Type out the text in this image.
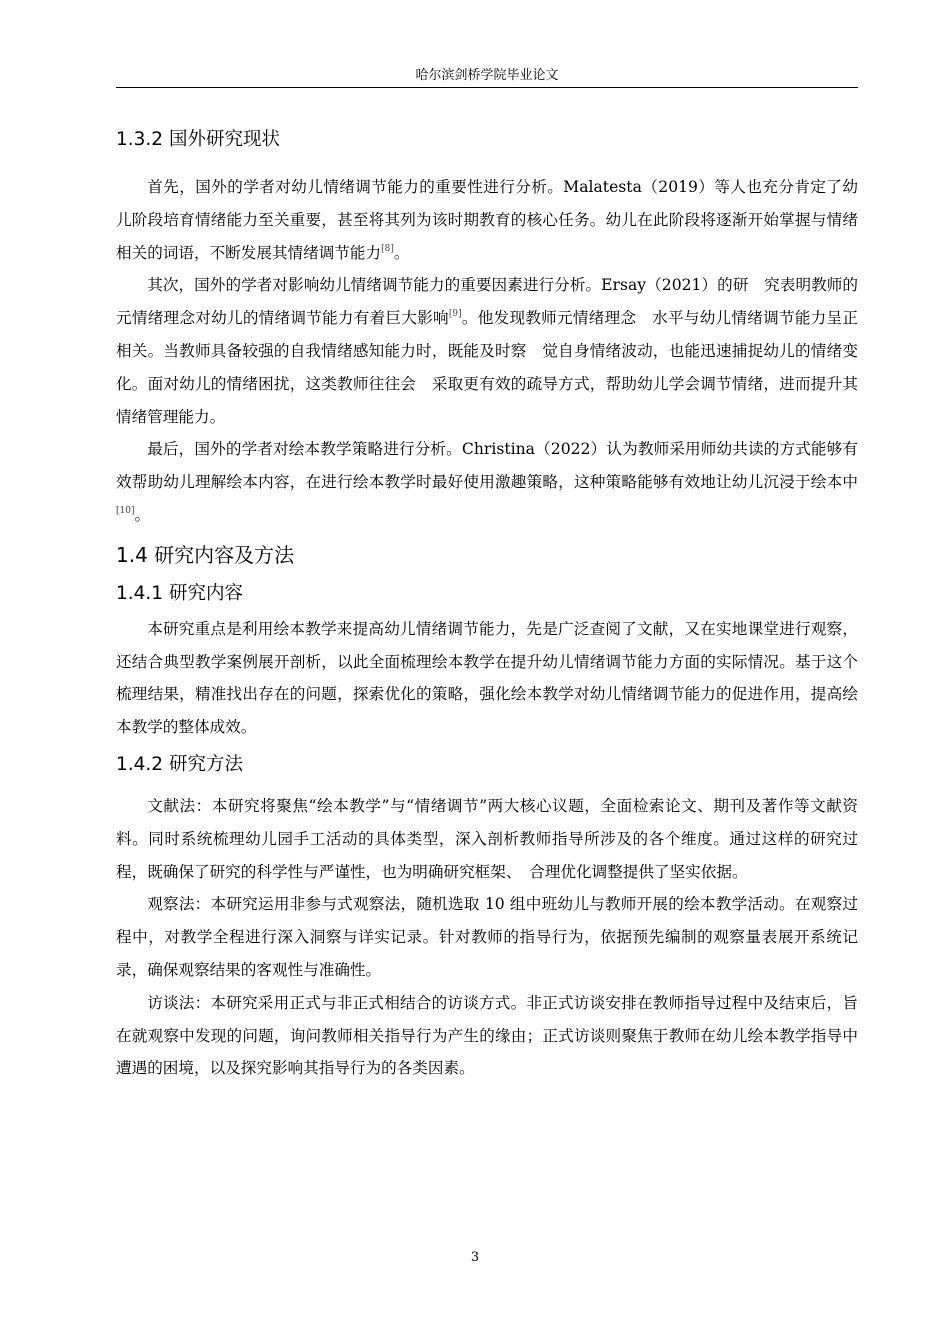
哈尔滨剑桥学院毕业论文
1.3.2 国外研究现状

首先，国外的学者对幼儿情绪调节能力的重要性进行分析。Malatesta（2019）等人也充分肯定了幼儿阶段培育情绪能力至关重要，甚至将其列为该时期教育的核心任务。幼儿在此阶段将逐渐开始掌握与情绪相关的词语，不断发展其情绪调节能力[8]。

其次，国外的学者对影响幼儿情绪调节能力的重要因素进行分析。Ersay（2021）的研　究表明教师的元情绪理念对幼儿的情绪调节能力有着巨大影响[9]。他发现教师元情绪理念　水平与幼儿情绪调节能力呈正相关。当教师具备较强的自我情绪感知能力时，既能及时察　觉自身情绪波动，也能迅速捕捉幼儿的情绪变化。面对幼儿的情绪困扰，这类教师往往会　采取更有效的疏导方式，帮助幼儿学会调节情绪，进而提升其情绪管理能力。

最后，国外的学者对绘本教学策略进行分析。Christina（2022）认为教师采用师幼共读的方式能够有效帮助幼儿理解绘本内容，在进行绘本教学时最好使用激趣策略，这种策略能够有效地让幼儿沉浸于绘本中[10]。

1.4 研究内容及方法
1.4.1 研究内容

本研究重点是利用绘本教学来提高幼儿情绪调节能力，先是广泛查阅了文献，又在实地课堂进行观察，还结合典型教学案例展开剖析，以此全面梳理绘本教学在提升幼儿情绪调节能力方面的实际情况。基于这个梳理结果，精准找出存在的问题，探索优化的策略，强化绘本教学对幼儿情绪调节能力的促进作用，提高绘本教学的整体成效。

1.4.2 研究方法

文献法：本研究将聚焦“绘本教学”与“情绪调节”两大核心议题，全面检索论文、期刊及著作等文献资料。同时系统梳理幼儿园手工活动的具体类型，深入剖析教师指导所涉及的各个维度。通过这样的研究过程，既确保了研究的科学性与严谨性，也为明确研究框架、　合理优化调整提供了坚实依据。

观察法：本研究运用非参与式观察法，随机选取 10 组中班幼儿与教师开展的绘本教学活动。在观察过程中，对教学全程进行深入洞察与详实记录。针对教师的指导行为，依据预先编制的观察量表展开系统记录，确保观察结果的客观性与准确性。

访谈法：本研究采用正式与非正式相结合的访谈方式。非正式访谈安排在教师指导过程中及结束后，旨在就观察中发现的问题，询问教师相关指导行为产生的缘由；正式访谈则聚焦于教师在幼儿绘本教学指导中遭遇的困境，以及探究影响其指导行为的各类因素。

3
